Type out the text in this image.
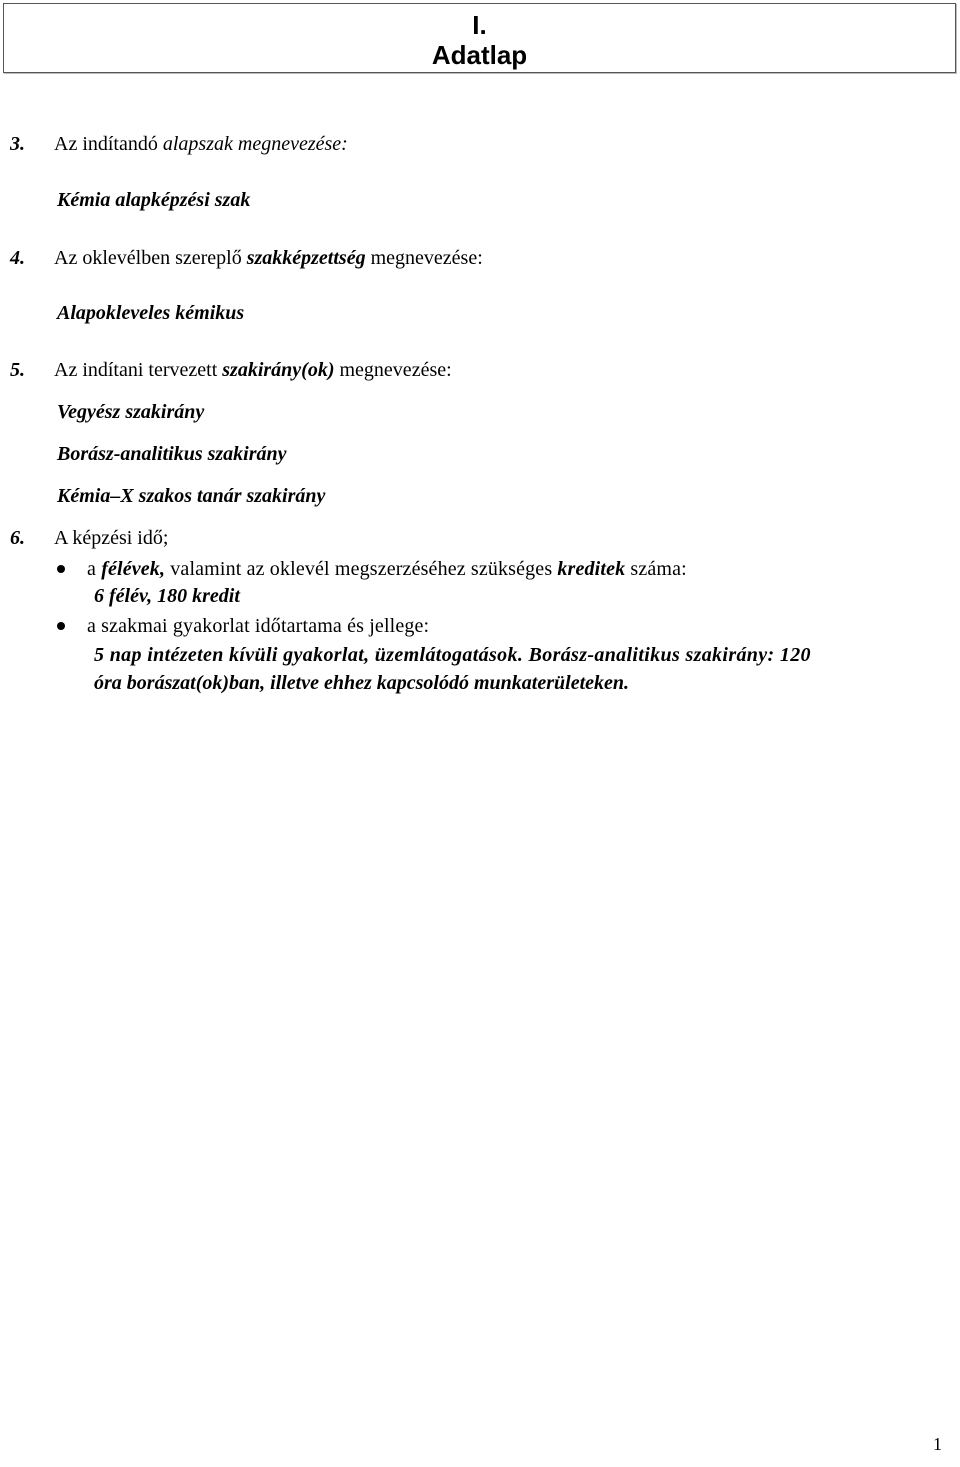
I.
Adatlap
3. Az indítandó alapszak megnevezése:
Kémia alapképzési szak
4. Az oklevélben szereplő szakképzettség megnevezése:
Alapokleveles kémikus
5. Az indítani tervezett szakirány(ok) megnevezése:
Vegyész szakirány
Borász-analitikus szakirány
Kémia–X szakos tanár szakirány
6. A képzési idő;
a félévek, valamint az oklevél megszerzéséhez szükséges kreditek száma:
6 félév, 180 kredit
a szakmai gyakorlat időtartama és jellege:
5 nap intézeten kívüli gyakorlat, üzemlátogatások. Borász-analitikus szakirány: 120
óra borászat(ok)ban, illetve ehhez kapcsolódó munkaterületeken.
1
